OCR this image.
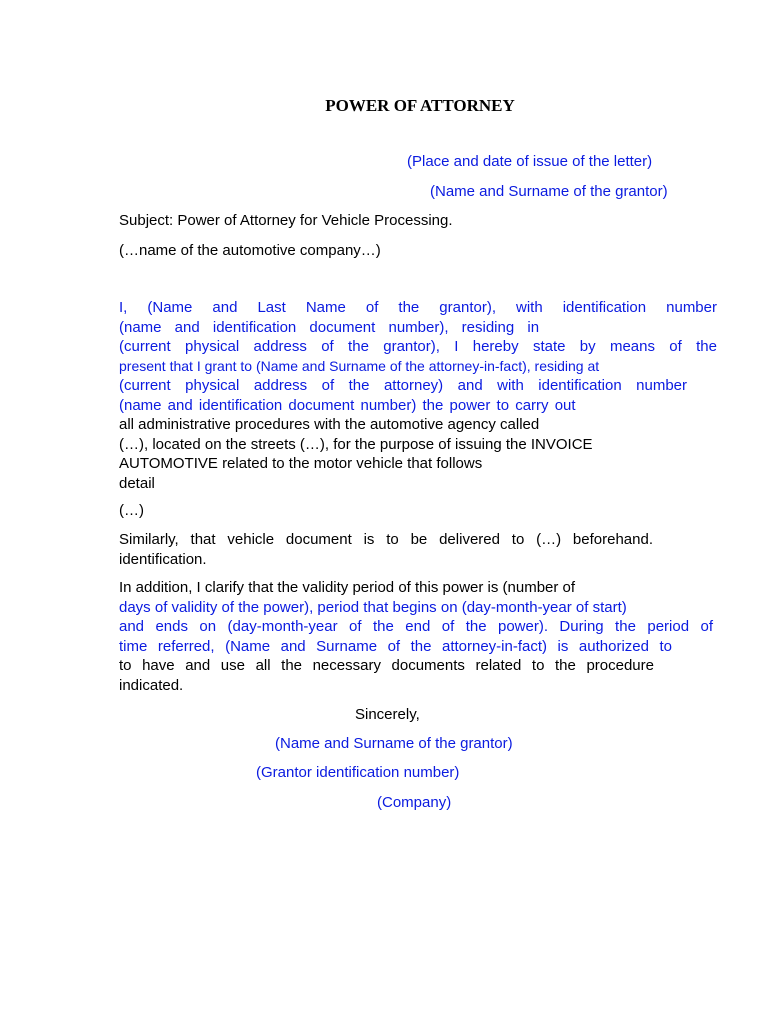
POWER OF ATTORNEY
(Place and date of issue of the letter)
(Name and Surname of the grantor)
Subject: Power of Attorney for Vehicle Processing.
(…name of the automotive company…)
I, (Name and Last Name of the grantor), with identification number
(name and identification document number), residing in
(current physical address of the grantor), I hereby state by means of the
present that I grant to (Name and Surname of the attorney-in-fact), residing at
(current physical address of the attorney) and with identification number
(name and identification document number) the power to carry out
all administrative procedures with the automotive agency called
(…), located on the streets (…), for the purpose of issuing the INVOICE
AUTOMOTIVE related to the motor vehicle that follows
detail
(…)
Similarly, that vehicle document is to be delivered to (…) beforehand.
identification.
In addition, I clarify that the validity period of this power is (number of
days of validity of the power), period that begins on (day-month-year of start)
and ends on (day-month-year of the end of the power). During the period of
time referred, (Name and Surname of the attorney-in-fact) is authorized to
to have and use all the necessary documents related to the procedure
indicated.
Sincerely,
(Name and Surname of the grantor)
(Grantor identification number)
(Company)
